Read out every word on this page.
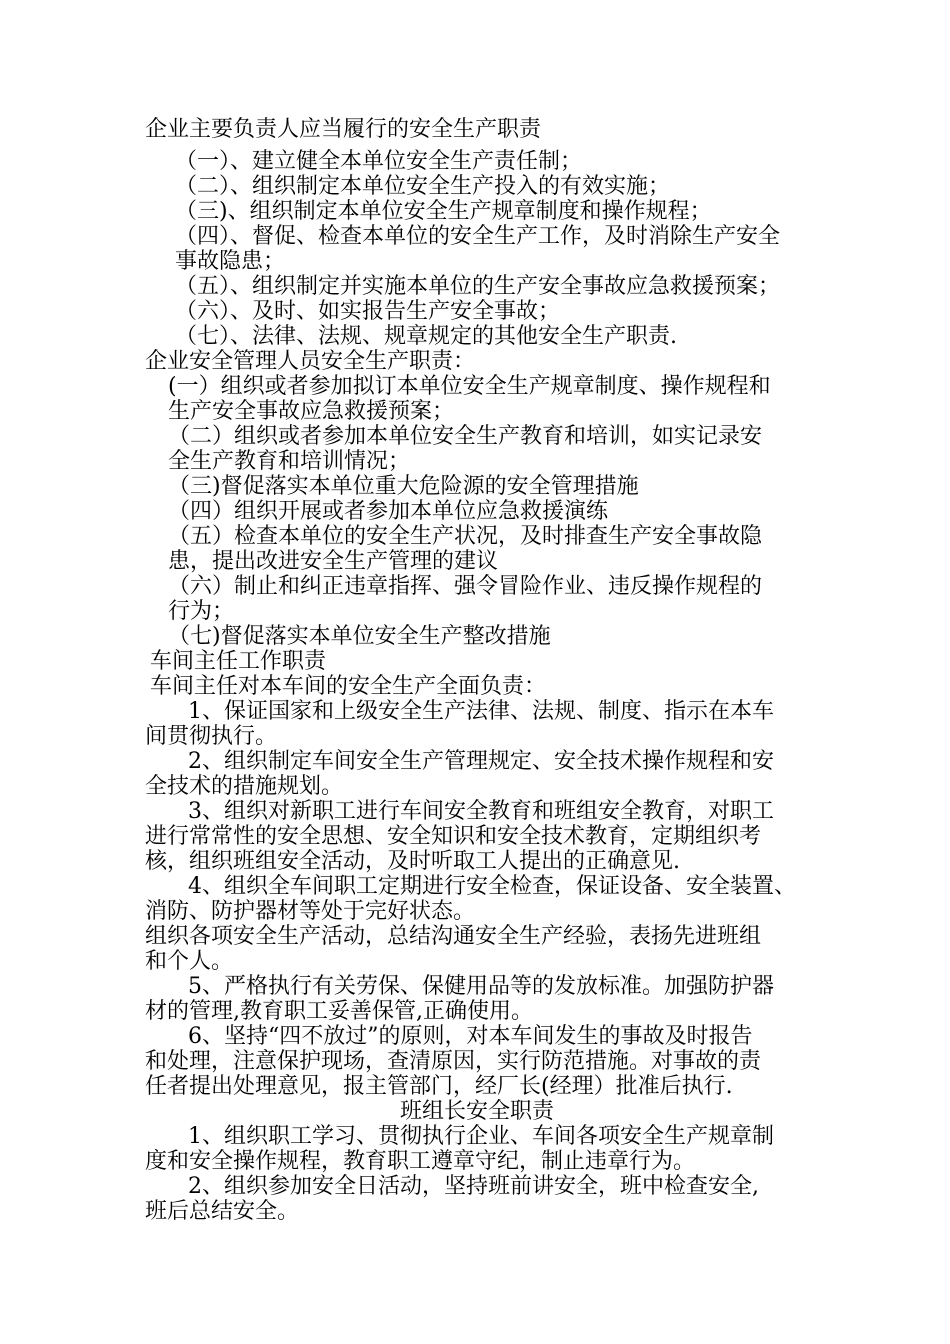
企业主要负责人应当履行的安全生产职责
（一）、建立健全本单位安全生产责任制；
（二）、组织制定本单位安全生产投入的有效实施；
（三)、组织制定本单位安全生产规章制度和操作规程；
（四）、督促、检查本单位的安全生产工作，及时消除生产安全
事故隐患；
（五）、组织制定并实施本单位的生产安全事故应急救援预案；
（六）、及时、如实报告生产安全事故；
（七）、法律、法规、规章规定的其他安全生产职责.
企业安全管理人员安全生产职责：
(一）组织或者参加拟订本单位安全生产规章制度、操作规程和
生产安全事故应急救援预案；
（二）组织或者参加本单位安全生产教育和培训，如实记录安
全生产教育和培训情况；
（三)督促落实本单位重大危险源的安全管理措施
（四）组织开展或者参加本单位应急救援演练
（五）检查本单位的安全生产状况，及时排查生产安全事故隐
患，提出改进安全生产管理的建议
（六）制止和纠正违章指挥、强令冒险作业、违反操作规程的
行为；
（七)督促落实本单位安全生产整改措施
车间主任工作职责
车间主任对本车间的安全生产全面负责：
1、保证国家和上级安全生产法律、法规、制度、指示在本车
间贯彻执行。
2、组织制定车间安全生产管理规定、安全技术操作规程和安
全技术的措施规划。
3、组织对新职工进行车间安全教育和班组安全教育，对职工
进行常常性的安全思想、安全知识和安全技术教育，定期组织考
核，组织班组安全活动，及时听取工人提出的正确意见.
4、组织全车间职工定期进行安全检查，保证设备、安全装置、
消防、防护器材等处于完好状态。
组织各项安全生产活动，总结沟通安全生产经验，表扬先进班组
和个人。
5、严格执行有关劳保、保健用品等的发放标准。加强防护器
材的管理,教育职工妥善保管,正确使用。
6、坚持“四不放过”的原则，对本车间发生的事故及时报告
和处理，注意保护现场，查清原因，实行防范措施。对事故的责
任者提出处理意见，报主管部门，经厂长(经理）批准后执行.
班组长安全职责
1、组织职工学习、贯彻执行企业、车间各项安全生产规章制
度和安全操作规程，教育职工遵章守纪，制止违章行为。
2、组织参加安全日活动，坚持班前讲安全，班中检查安全,
班后总结安全。
